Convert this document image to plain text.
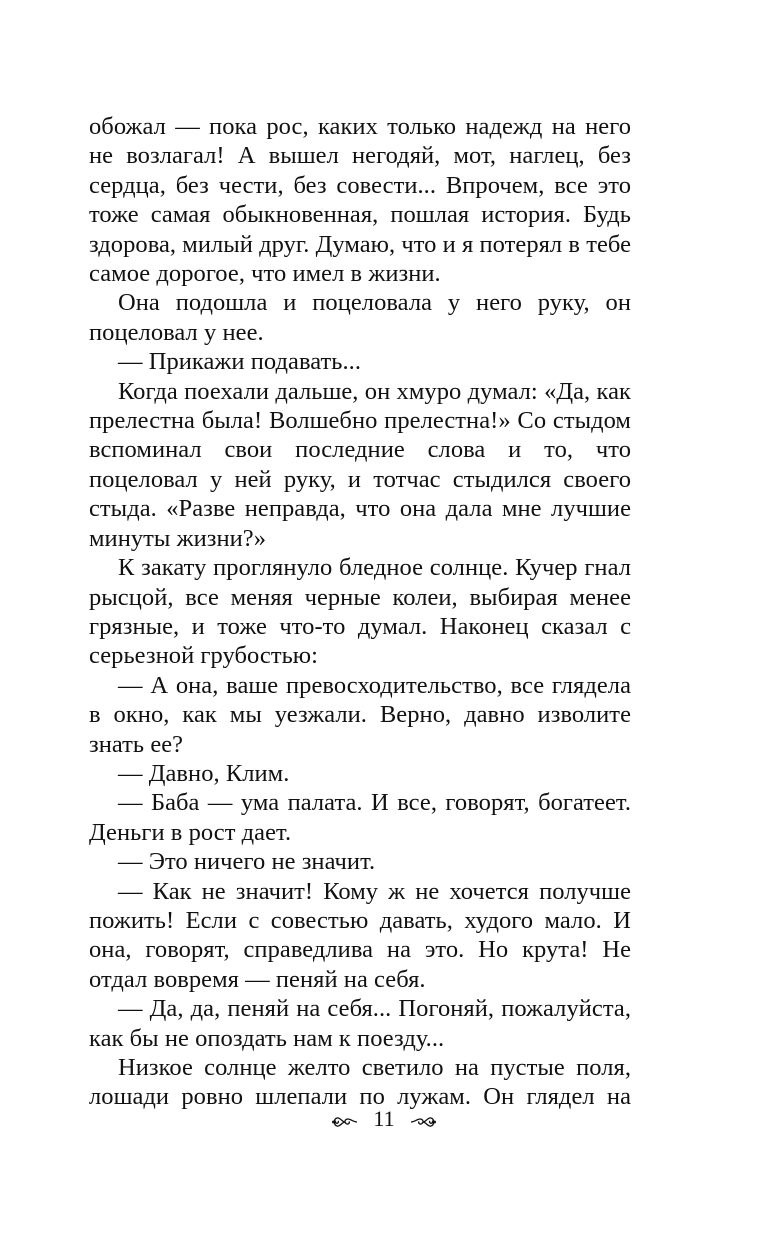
обожал — пока рос, каких только надежд на него не возлагал! А вышел негодяй, мот, наглец, без сердца, без чести, без совести... Впрочем, все это тоже самая обыкновенная, пошлая история. Будь здорова, милый друг. Думаю, что и я потерял в тебе самое дорогое, что имел в жизни.

Она подошла и поцеловала у него руку, он поцеловал у нее.

— Прикажи подавать...

Когда поехали дальше, он хмуро думал: «Да, как прелестна была! Волшебно прелестна!» Со стыдом вспоминал свои последние слова и то, что поцеловал у ней руку, и тотчас стыдился своего стыда. «Разве неправда, что она дала мне лучшие минуты жизни?»

К закату проглянуло бледное солнце. Кучер гнал рысцой, все меняя черные колеи, выбирая менее грязные, и тоже что-то думал. Наконец сказал с серьезной грубостью:

— А она, ваше превосходительство, все глядела в окно, как мы уезжали. Верно, давно изволите знать ее?

— Давно, Клим.

— Баба — ума палата. И все, говорят, богатеет. Деньги в рост дает.

— Это ничего не значит.

— Как не значит! Кому ж не хочется получше пожить! Если с совестью давать, худого мало. И она, говорят, справедлива на это. Но крута! Не отдал вовремя — пеняй на себя.

— Да, да, пеняй на себя... Погоняй, пожалуйста, как бы не опоздать нам к поезду...

Низкое солнце желто светило на пустые поля, лошади ровно шлепали по лужам. Он глядел на

11
